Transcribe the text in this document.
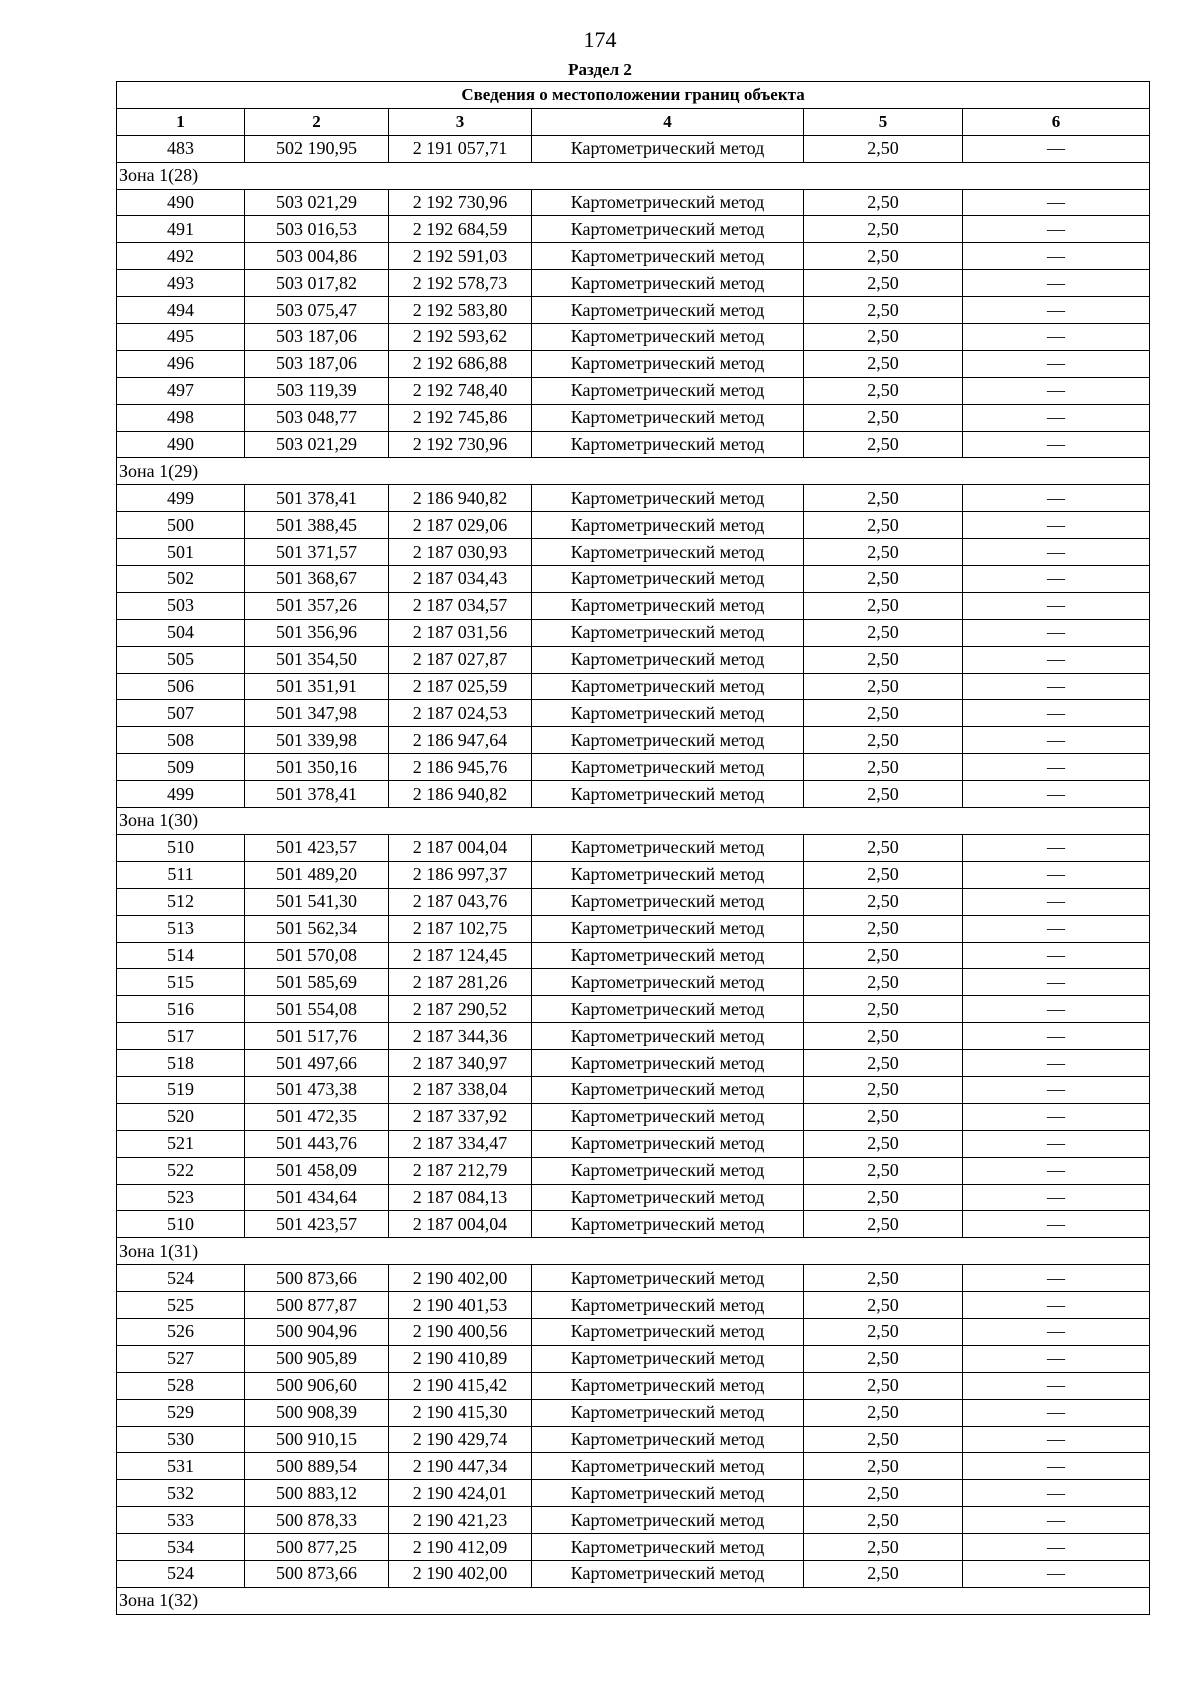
174
Раздел 2
Сведения о местоположении границ объекта					
1	2	3	4	5	6
483	502 190,95	2 191 057,71	Картометрический метод	2,50	—
Зона 1(28)					
490	503 021,29	2 192 730,96	Картометрический метод	2,50	—
491	503 016,53	2 192 684,59	Картометрический метод	2,50	—
492	503 004,86	2 192 591,03	Картометрический метод	2,50	—
493	503 017,82	2 192 578,73	Картометрический метод	2,50	—
494	503 075,47	2 192 583,80	Картометрический метод	2,50	—
495	503 187,06	2 192 593,62	Картометрический метод	2,50	—
496	503 187,06	2 192 686,88	Картометрический метод	2,50	—
497	503 119,39	2 192 748,40	Картометрический метод	2,50	—
498	503 048,77	2 192 745,86	Картометрический метод	2,50	—
490	503 021,29	2 192 730,96	Картометрический метод	2,50	—
Зона 1(29)					
499	501 378,41	2 186 940,82	Картометрический метод	2,50	—
500	501 388,45	2 187 029,06	Картометрический метод	2,50	—
501	501 371,57	2 187 030,93	Картометрический метод	2,50	—
502	501 368,67	2 187 034,43	Картометрический метод	2,50	—
503	501 357,26	2 187 034,57	Картометрический метод	2,50	—
504	501 356,96	2 187 031,56	Картометрический метод	2,50	—
505	501 354,50	2 187 027,87	Картометрический метод	2,50	—
506	501 351,91	2 187 025,59	Картометрический метод	2,50	—
507	501 347,98	2 187 024,53	Картометрический метод	2,50	—
508	501 339,98	2 186 947,64	Картометрический метод	2,50	—
509	501 350,16	2 186 945,76	Картометрический метод	2,50	—
499	501 378,41	2 186 940,82	Картометрический метод	2,50	—
Зона 1(30)					
510	501 423,57	2 187 004,04	Картометрический метод	2,50	—
511	501 489,20	2 186 997,37	Картометрический метод	2,50	—
512	501 541,30	2 187 043,76	Картометрический метод	2,50	—
513	501 562,34	2 187 102,75	Картометрический метод	2,50	—
514	501 570,08	2 187 124,45	Картометрический метод	2,50	—
515	501 585,69	2 187 281,26	Картометрический метод	2,50	—
516	501 554,08	2 187 290,52	Картометрический метод	2,50	—
517	501 517,76	2 187 344,36	Картометрический метод	2,50	—
518	501 497,66	2 187 340,97	Картометрический метод	2,50	—
519	501 473,38	2 187 338,04	Картометрический метод	2,50	—
520	501 472,35	2 187 337,92	Картометрический метод	2,50	—
521	501 443,76	2 187 334,47	Картометрический метод	2,50	—
522	501 458,09	2 187 212,79	Картометрический метод	2,50	—
523	501 434,64	2 187 084,13	Картометрический метод	2,50	—
510	501 423,57	2 187 004,04	Картометрический метод	2,50	—
Зона 1(31)					
524	500 873,66	2 190 402,00	Картометрический метод	2,50	—
525	500 877,87	2 190 401,53	Картометрический метод	2,50	—
526	500 904,96	2 190 400,56	Картометрический метод	2,50	—
527	500 905,89	2 190 410,89	Картометрический метод	2,50	—
528	500 906,60	2 190 415,42	Картометрический метод	2,50	—
529	500 908,39	2 190 415,30	Картометрический метод	2,50	—
530	500 910,15	2 190 429,74	Картометрический метод	2,50	—
531	500 889,54	2 190 447,34	Картометрический метод	2,50	—
532	500 883,12	2 190 424,01	Картометрический метод	2,50	—
533	500 878,33	2 190 421,23	Картометрический метод	2,50	—
534	500 877,25	2 190 412,09	Картометрический метод	2,50	—
524	500 873,66	2 190 402,00	Картометрический метод	2,50	—
Зона 1(32)					
